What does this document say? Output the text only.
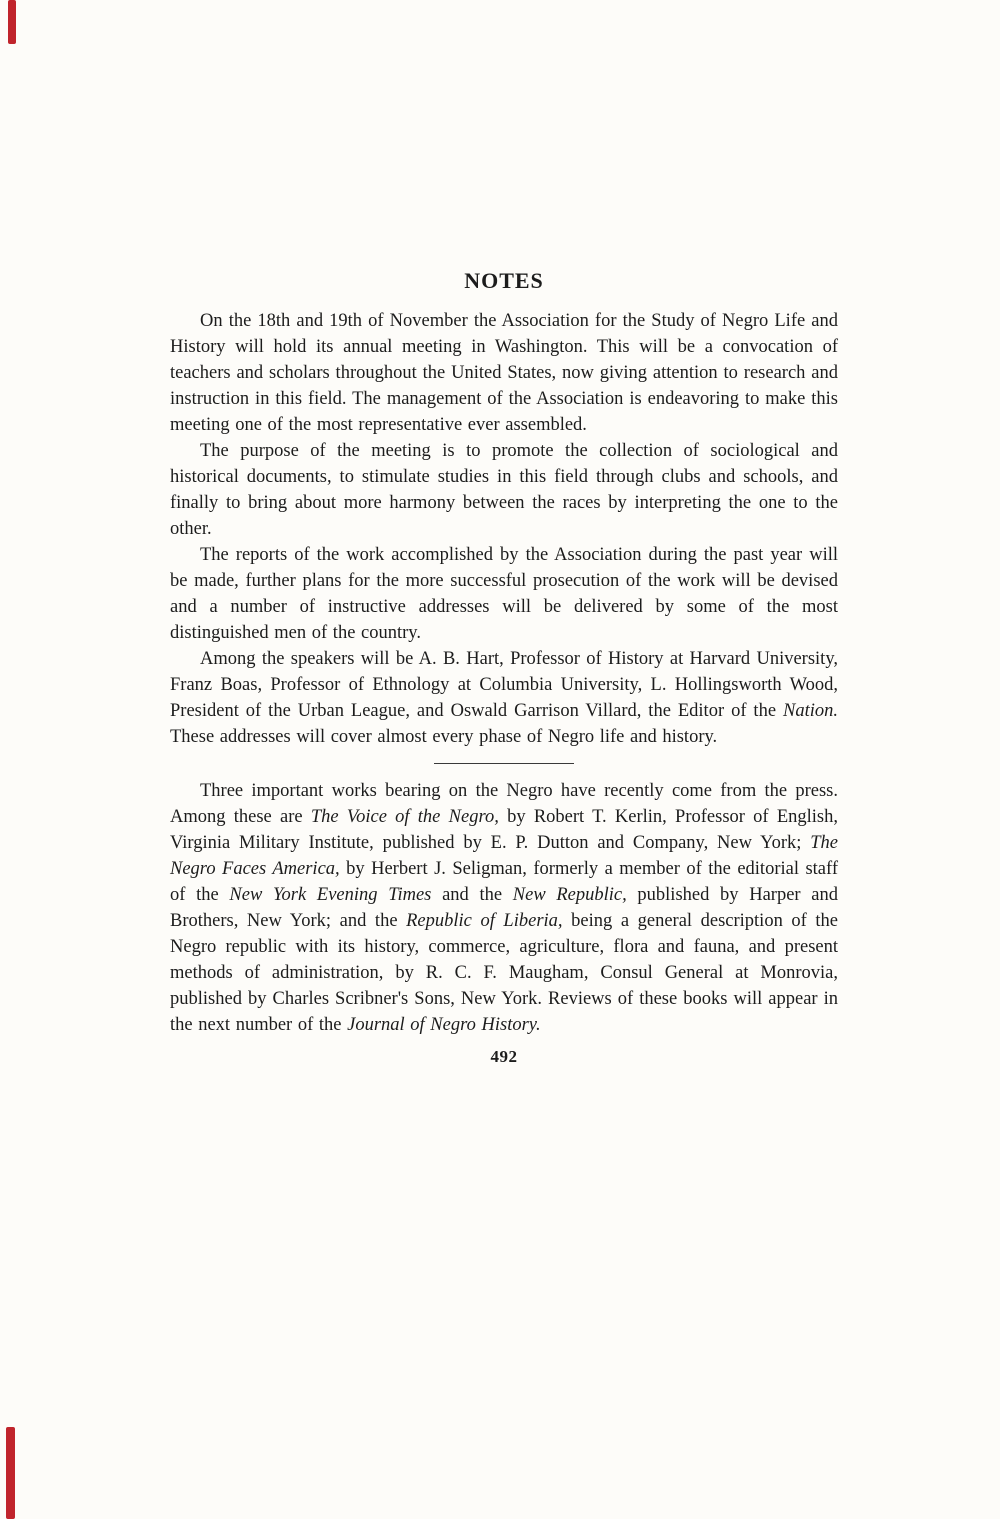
NOTES

On the 18th and 19th of November the Association for the Study of Negro Life and History will hold its annual meeting in Washington. This will be a convocation of teachers and scholars throughout the United States, now giving attention to research and instruction in this field. The management of the Association is endeavoring to make this meeting one of the most representative ever assembled.

The purpose of the meeting is to promote the collection of sociological and historical documents, to stimulate studies in this field through clubs and schools, and finally to bring about more harmony between the races by interpreting the one to the other.

The reports of the work accomplished by the Association during the past year will be made, further plans for the more successful prosecution of the work will be devised and a number of instructive addresses will be delivered by some of the most distinguished men of the country.

Among the speakers will be A. B. Hart, Professor of History at Harvard University, Franz Boas, Professor of Ethnology at Columbia University, L. Hollingsworth Wood, President of the Urban League, and Oswald Garrison Villard, the Editor of the Nation. These addresses will cover almost every phase of Negro life and history.

Three important works bearing on the Negro have recently come from the press. Among these are The Voice of the Negro, by Robert T. Kerlin, Professor of English, Virginia Military Institute, published by E. P. Dutton and Company, New York; The Negro Faces America, by Herbert J. Seligman, formerly a member of the editorial staff of the New York Evening Times and the New Republic, published by Harper and Brothers, New York; and the Republic of Liberia, being a general description of the Negro republic with its history, commerce, agriculture, flora and fauna, and present methods of administration, by R. C. F. Maugham, Consul General at Monrovia, published by Charles Scribner's Sons, New York. Reviews of these books will appear in the next number of the Journal of Negro History.

492
